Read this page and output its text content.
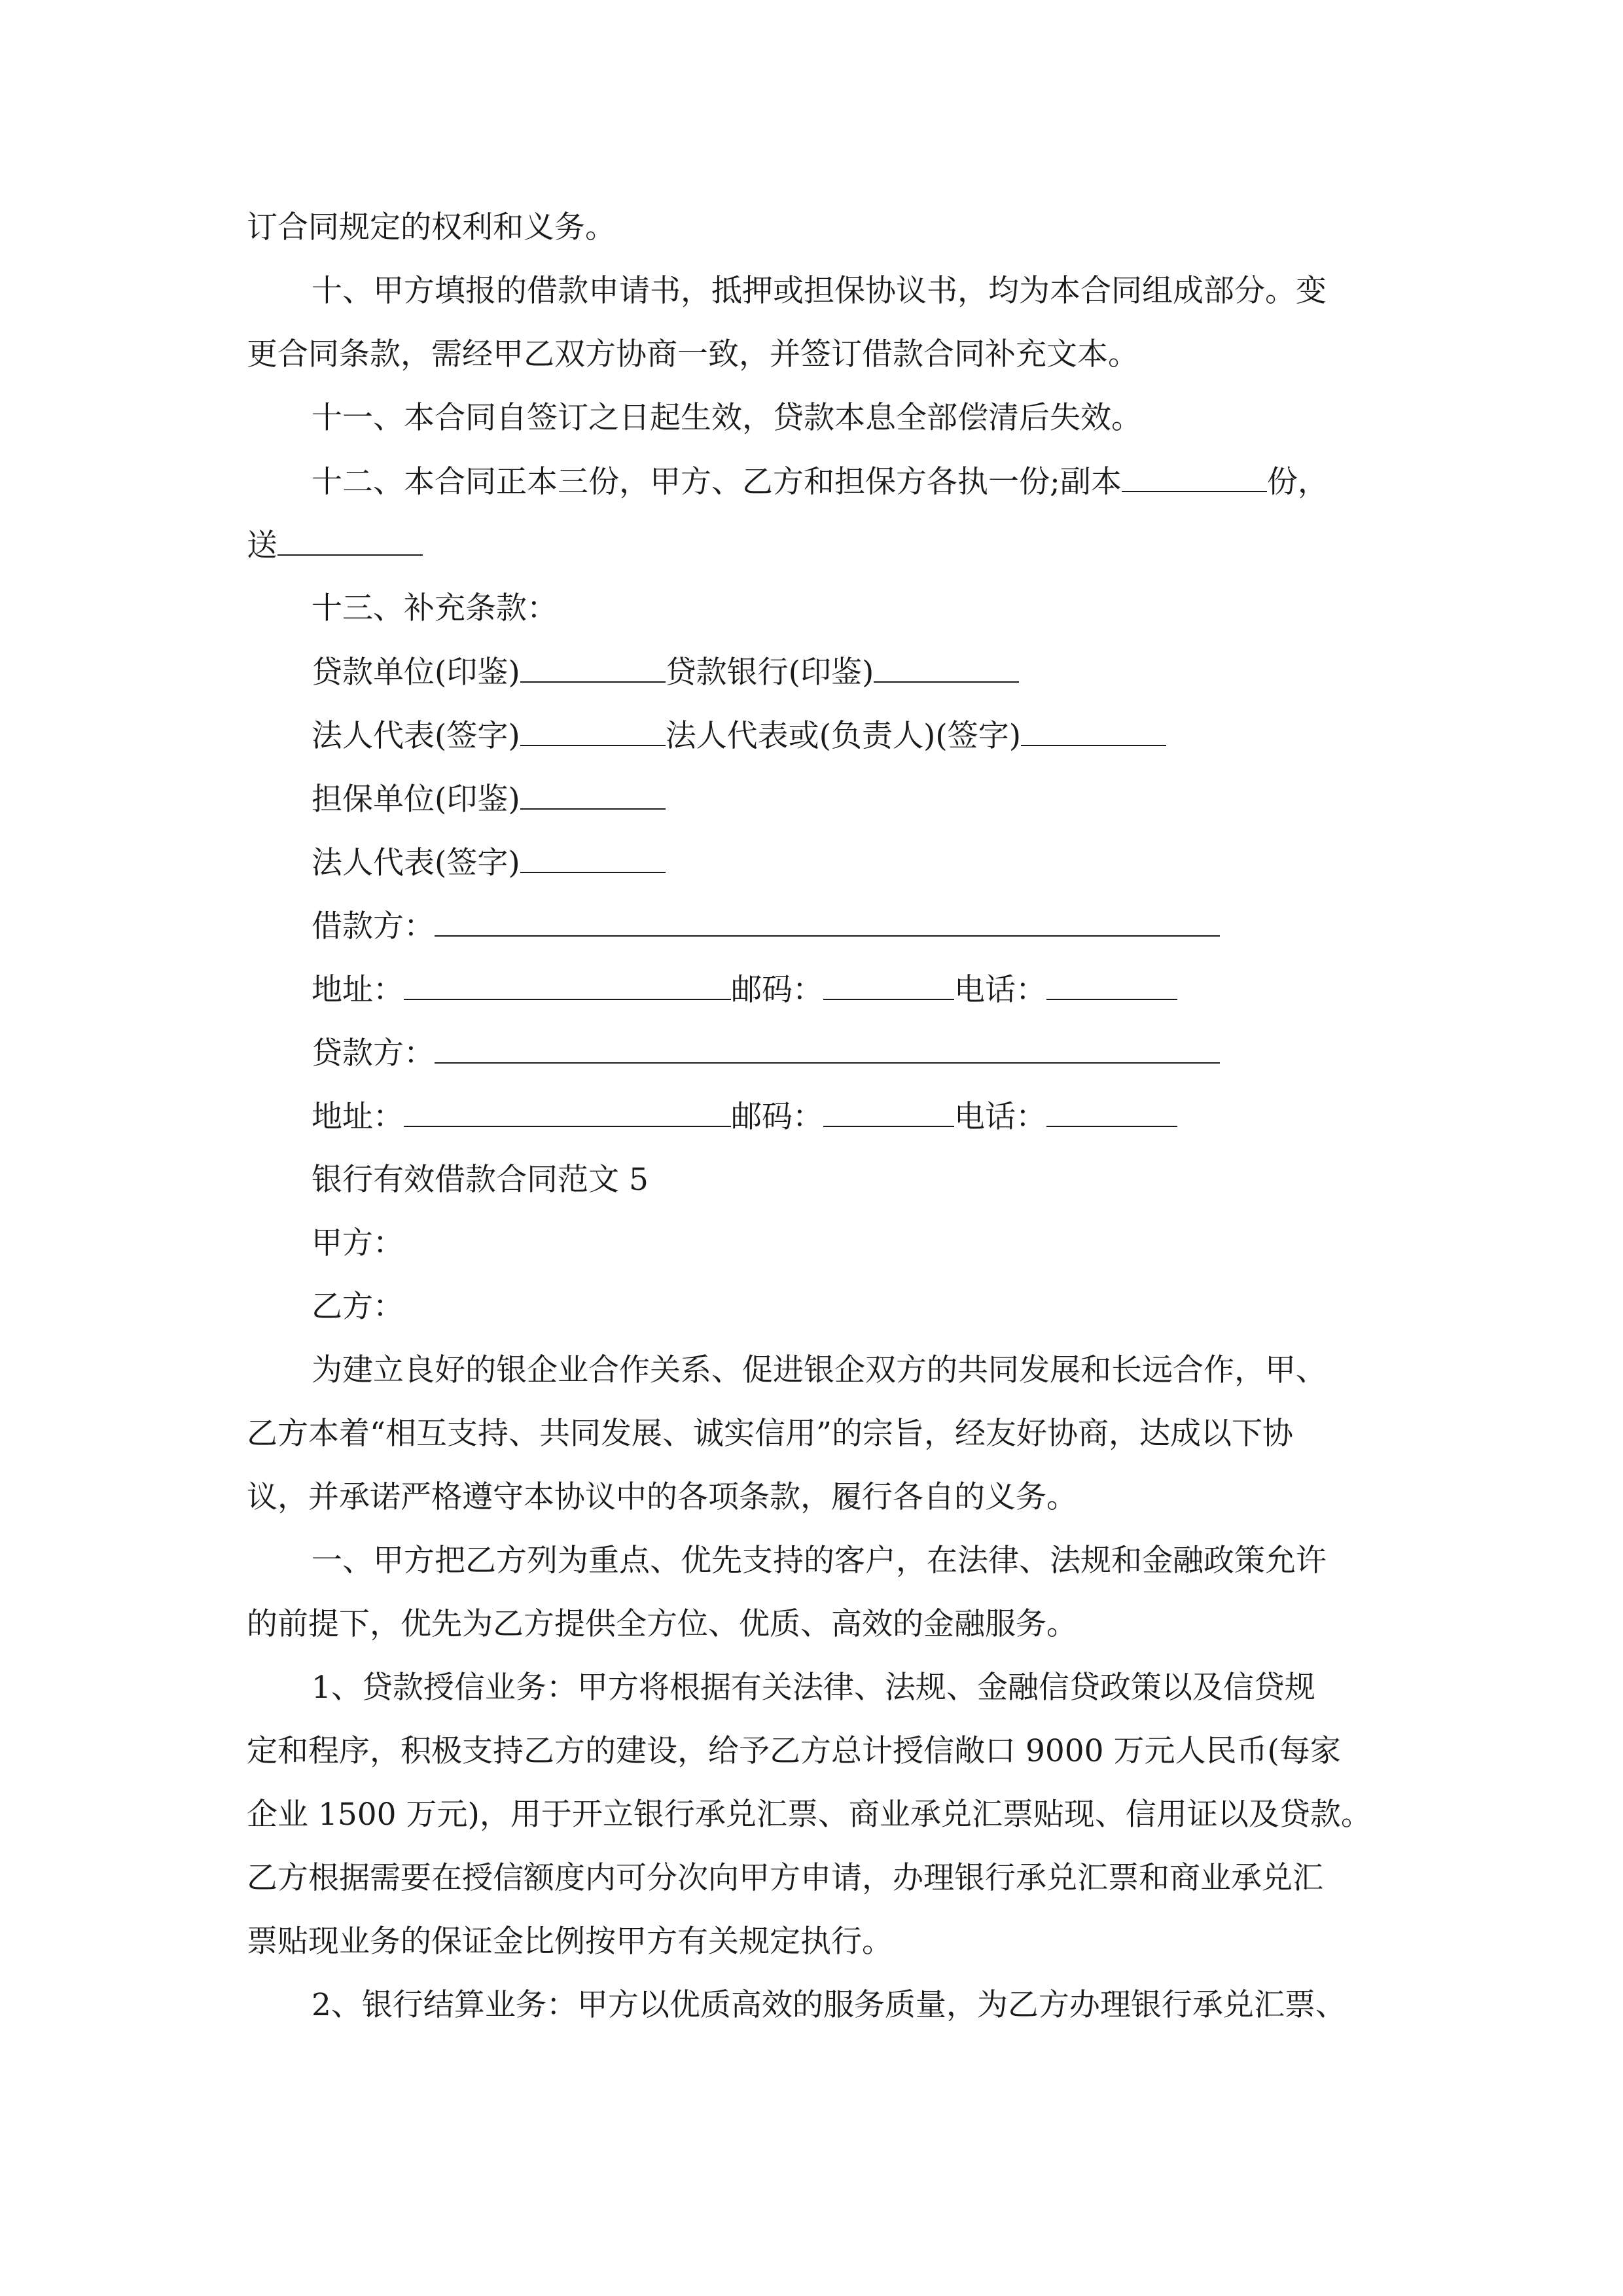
订合同规定的权利和义务。
十、甲方填报的借款申请书，抵押或担保协议书，均为本合同组成部分。变
更合同条款，需经甲乙双方协商一致，并签订借款合同补充文本。
十一、本合同自签订之日起生效，贷款本息全部偿清后失效。
十二、本合同正本三份，甲方、乙方和担保方各执一份;副本	份，
送
十三、补充条款：
贷款单位(印鉴)	贷款银行(印鉴)
法人代表(签字)	法人代表或(负责人)(签字)
担保单位(印鉴)
法人代表(签字)
借款方：
地址：	邮码：	电话：
贷款方：
地址：	邮码：	电话：
银行有效借款合同范文 5
甲方：
乙方：
为建立良好的银企业合作关系、促进银企双方的共同发展和长远合作，甲、
乙方本着“相互支持、共同发展、诚实信用”的宗旨，经友好协商，达成以下协
议，并承诺严格遵守本协议中的各项条款，履行各自的义务。
一、甲方把乙方列为重点、优先支持的客户，在法律、法规和金融政策允许
的前提下，优先为乙方提供全方位、优质、高效的金融服务。
1、贷款授信业务：甲方将根据有关法律、法规、金融信贷政策以及信贷规
定和程序，积极支持乙方的建设，给予乙方总计授信敞口 9000 万元人民币(每家
企业 1500 万元)，用于开立银行承兑汇票、商业承兑汇票贴现、信用证以及贷款。
乙方根据需要在授信额度内可分次向甲方申请，办理银行承兑汇票和商业承兑汇
票贴现业务的保证金比例按甲方有关规定执行。
2、银行结算业务：甲方以优质高效的服务质量，为乙方办理银行承兑汇票、
